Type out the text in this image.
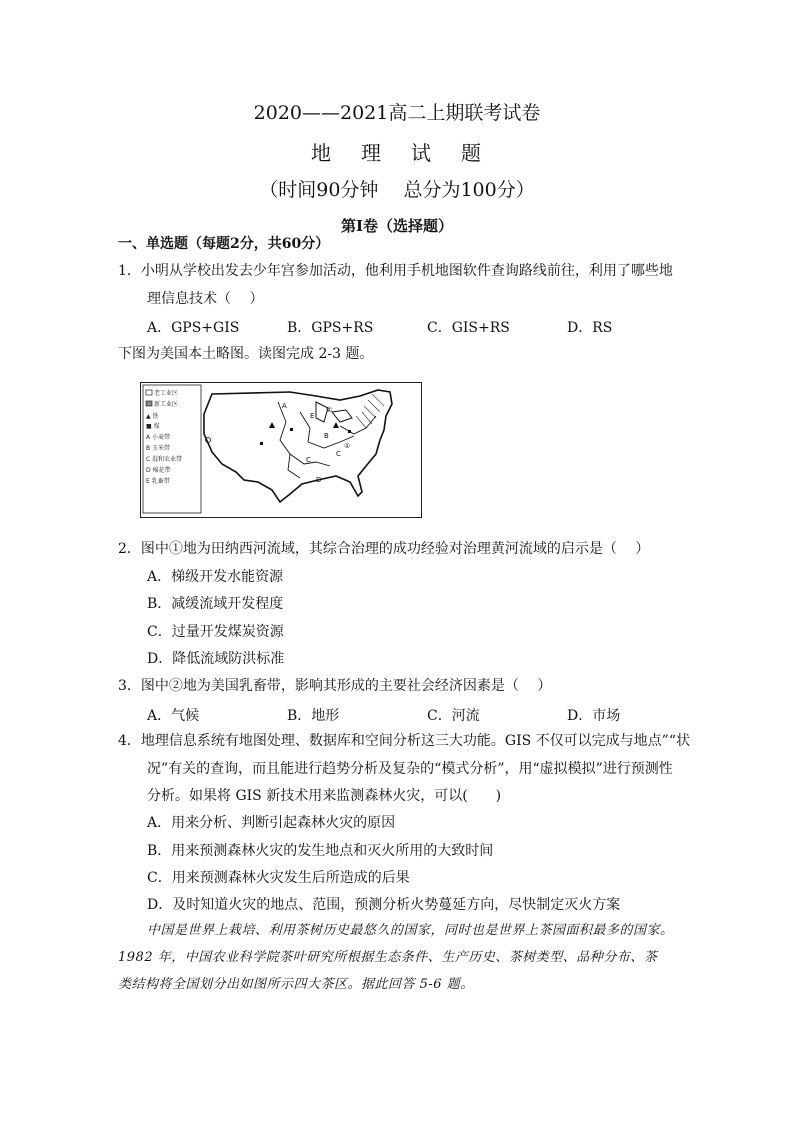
2020——2021高二上期联考试卷
地 理 试 题
（时间90分钟　 总分为100分）
第Ⅰ卷（选择题）
一、单选题（每题2分，共60分）
1．小明从学校出发去少年宫参加活动，他利用手机地图软件查询路线前往，利用了哪些地
理信息技术（　 ）
A．GPS+GIS	B．GPS+RS	C．GIS+RS	D．RS
下图为美国本土略图。读图完成 2-3 题。
老工业区
新工业区
▲ 铁
■ 煤
A 小麦带
B 玉米带
C 混和农业带
D 棉花带
E 乳畜带
A
B
C
C
D
E
①
②
2．图中①地为田纳西河流域，其综合治理的成功经验对治理黄河流域的启示是（　 ）
A．梯级开发水能资源
B．减缓流域开发程度
C．过量开发煤炭资源
D．降低流域防洪标准
3．图中②地为美国乳畜带，影响其形成的主要社会经济因素是（　 ）
A．气候	B．地形	C．河流	D．市场
4．地理信息系统有地图处理、数据库和空间分析这三大功能。GIS 不仅可以完成与地点”“状
况”有关的查询，而且能进行趋势分析及复杂的“模式分析”，用“虚拟模拟”进行预测性
分析。如果将 GIS 新技术用来监测森林火灾，可以(　　)
A．用来分析、判断引起森林火灾的原因
B．用来预测森林火灾的发生地点和灭火所用的大致时间
C．用来预测森林火灾发生后所造成的后果
D．及时知道火灾的地点、范围，预测分析火势蔓延方向，尽快制定灭火方案
中国是世界上栽培、利用茶树历史最悠久的国家，同时也是世界上茶园面积最多的国家。
1982 年，中国农业科学院茶叶研究所根据生态条件、生产历史、茶树类型、品种分布、茶
类结构将全国划分出如图所示四大茶区。据此回答 5-6 题。
